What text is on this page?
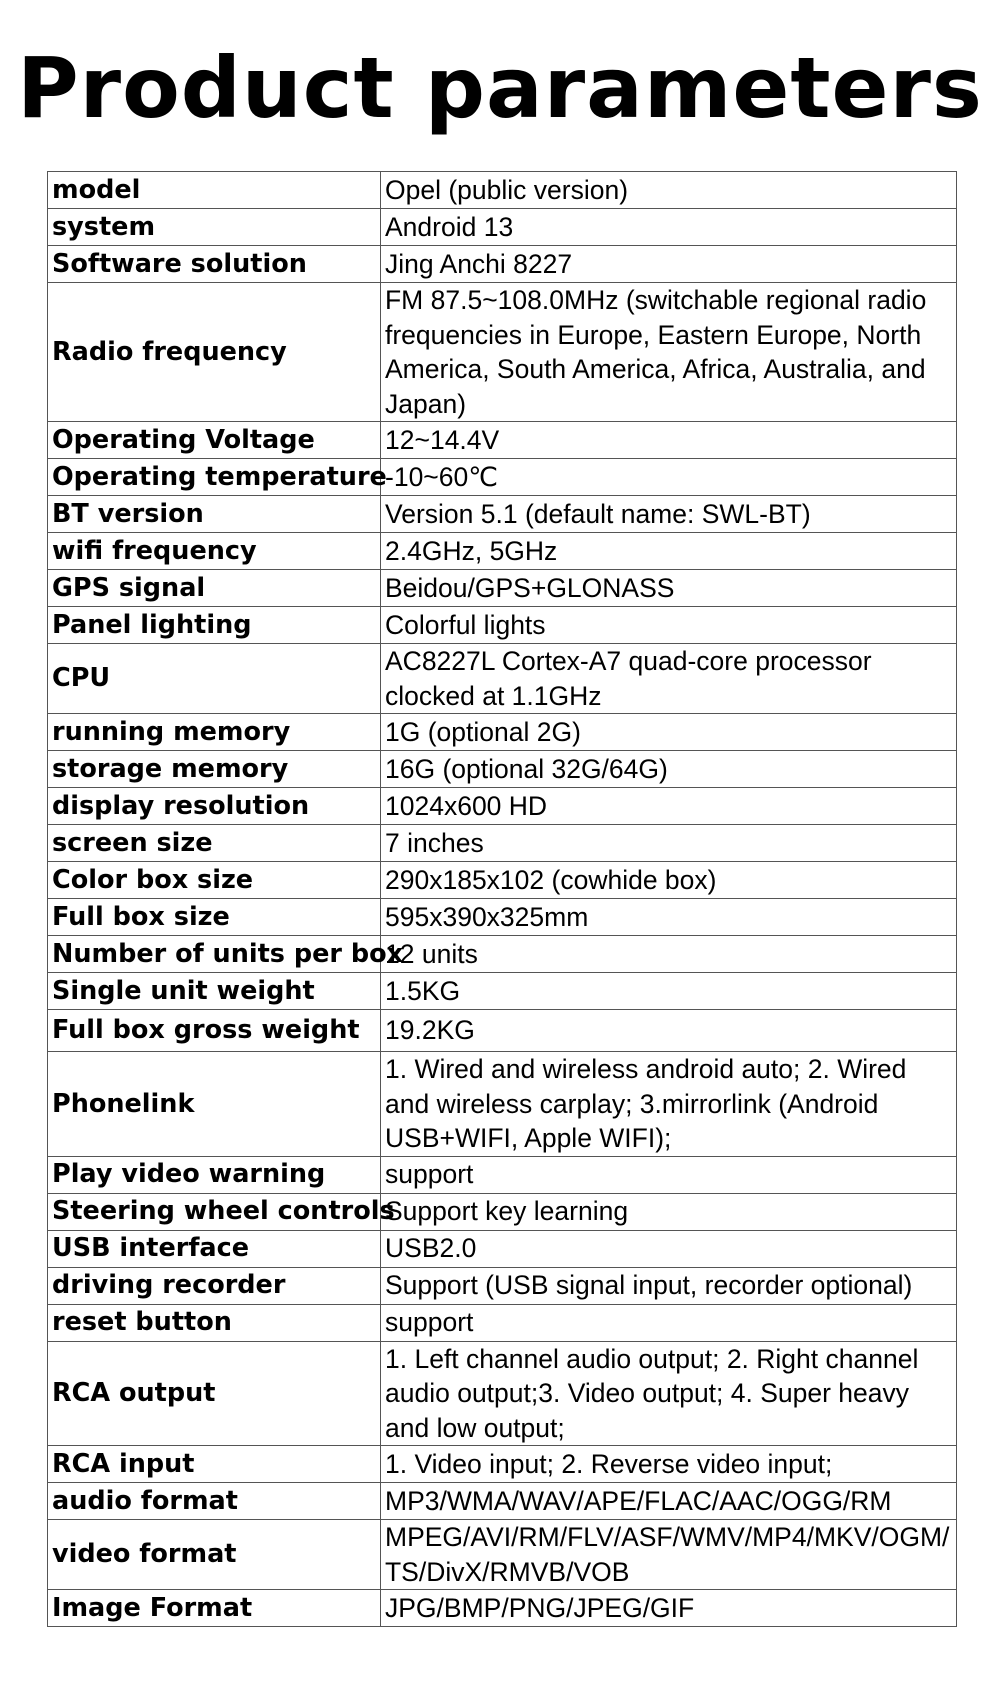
Product parameters
model	Opel (public version)
system	Android 13
Software solution	Jing Anchi 8227
Radio frequency	FM 87.5~108.0MHz (switchable regional radio frequencies in Europe, Eastern Europe, North America, South America, Africa, Australia, and Japan)
Operating Voltage	12~14.4V
Operating temperature	-10~60℃
BT version	Version 5.1 (default name: SWL-BT)
wifi frequency	2.4GHz, 5GHz
GPS signal	Beidou/GPS+GLONASS
Panel lighting	Colorful lights
CPU	AC8227L Cortex-A7 quad-core processor clocked at 1.1GHz
running memory	1G (optional 2G)
storage memory	16G (optional 32G/64G)
display resolution	1024x600 HD
screen size	7 inches
Color box size	290x185x102 (cowhide box)
Full box size	595x390x325mm
Number of units per box	12 units
Single unit weight	1.5KG
Full box gross weight	19.2KG
Phonelink	1. Wired and wireless android auto; 2. Wired and wireless carplay; 3.mirrorlink (Android USB+WIFI, Apple WIFI);
Play video warning	support
Steering wheel controls	Support key learning
USB interface	USB2.0
driving recorder	Support (USB signal input, recorder optional)
reset button	support
RCA output	1. Left channel audio output; 2. Right channel audio output;3. Video output; 4. Super heavy and low output;
RCA input	1. Video input; 2. Reverse video input;
audio format	MP3/WMA/WAV/APE/FLAC/AAC/OGG/RM
video format	MPEG/AVI/RM/FLV/ASF/WMV/MP4/MKV/OGM/TS/DivX/RMVB/VOB
Image Format	JPG/BMP/PNG/JPEG/GIF
